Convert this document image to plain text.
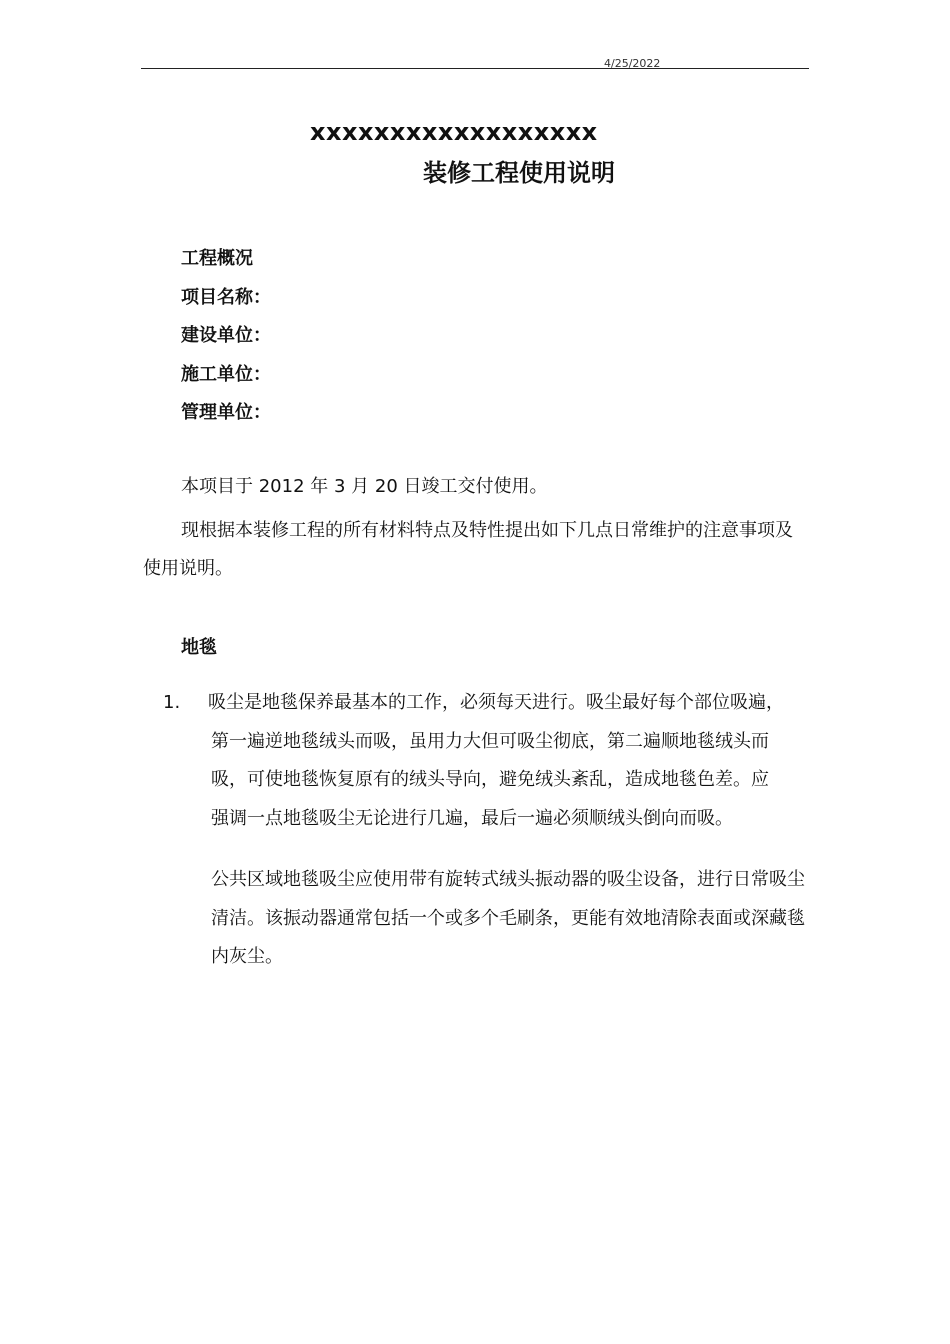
4/25/2022
xxxxxxxxxxxxxxxxxx
装修工程使用说明
工程概况
项目名称：
建设单位：
施工单位：
管理单位：
本项目于 2012 年 3 月 20 日竣工交付使用。
现根据本装修工程的所有材料特点及特性提出如下几点日常维护的注意事项及使用说明。
地毯
1. 吸尘是地毯保养最基本的工作，必须每天进行。吸尘最好每个部位吸遍，
第一遍逆地毯绒头而吸，虽用力大但可吸尘彻底，第二遍顺地毯绒头而
吸，可使地毯恢复原有的绒头导向，避免绒头紊乱，造成地毯色差。应
强调一点地毯吸尘无论进行几遍，最后一遍必须顺绒头倒向而吸。
公共区域地毯吸尘应使用带有旋转式绒头振动器的吸尘设备，进行日常吸尘清洁。该振动器通常包括一个或多个毛刷条，更能有效地清除表面或深藏毯内灰尘。
